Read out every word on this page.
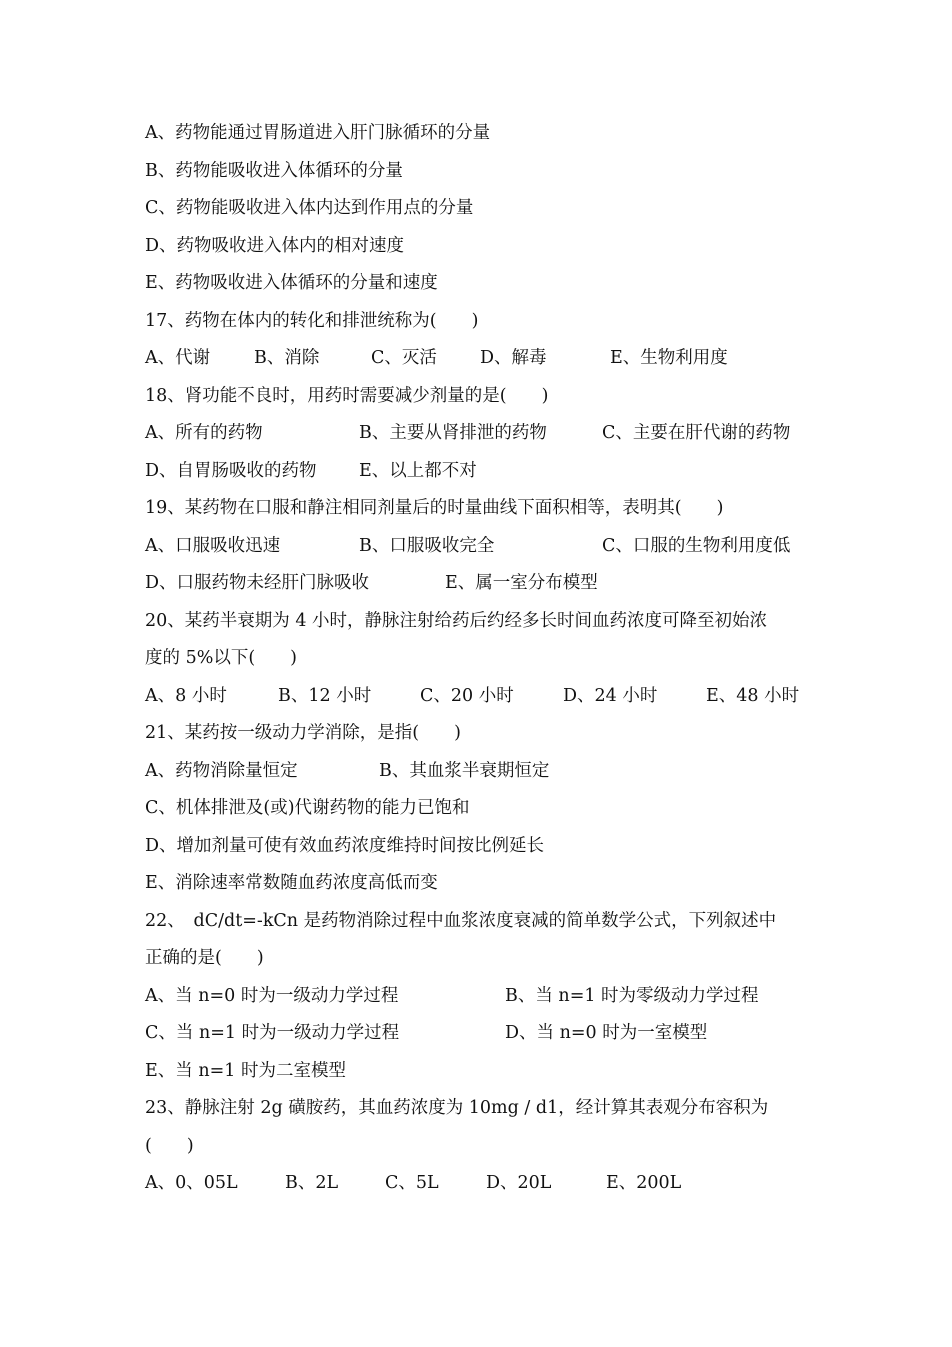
A、药物能通过胃肠道进入肝门脉循环的分量
B、药物能吸收进入体循环的分量
C、药物能吸收进入体内达到作用点的分量
D、药物吸收进入体内的相对速度
E、药物吸收进入体循环的分量和速度
17、药物在体内的转化和排泄统称为(　　)
A、代谢	B、消除	C、灭活 D、解毒	E、生物利用度
18、肾功能不良时，用药时需要减少剂量的是(　　)
A、所有的药物	B、主要从肾排泄的药物	C、主要在肝代谢的药物
D、自胃肠吸收的药物 E、以上都不对
19、某药物在口服和静注相同剂量后的时量曲线下面积相等，表明其(　　)
A、口服吸收迅速	B、口服吸收完全	C、口服的生物利用度低
D、口服药物未经肝门脉吸收	E、属一室分布模型
20、某药半衰期为 4 小时，静脉注射给药后约经多长时间血药浓度可降至初始浓
度的 5%以下(　　)
A、8 小时	B、12 小时	C、20 小时	D、24 小时	E、48 小时
21、某药按一级动力学消除，是指(　　)
A、药物消除量恒定	B、其血浆半衰期恒定
C、机体排泄及(或)代谢药物的能力已饱和
D、增加剂量可使有效血药浓度维持时间按比例延长
E、消除速率常数随血药浓度高低而变
22、　dC/dt=-kCn 是药物消除过程中血浆浓度衰减的简单数学公式，下列叙述中
正确的是(　　)
A、当 n=0 时为一级动力学过程	B、当 n=1 时为零级动力学过程
C、当 n=1 时为一级动力学过程	D、当 n=0 时为一室模型
E、当 n=1 时为二室模型
23、静脉注射 2g 磺胺药，其血药浓度为 10mg / d1，经计算其表观分布容积为
(　　)
A、0、05L	B、2L	C、5L	D、20L	E、200L
